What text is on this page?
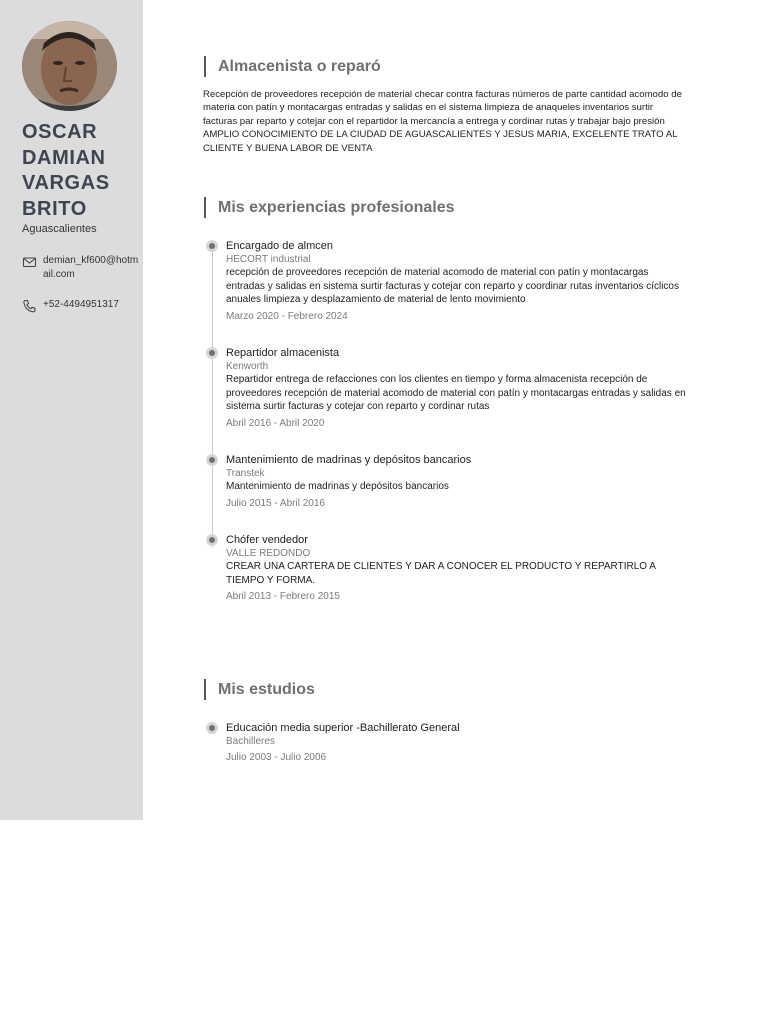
OSCAR
DAMIAN
VARGAS
BRITO
Aguascalientes
demian_kf600@hotmail.com
+52-4494951317
Almacenista o reparó

Recepción de proveedores recepción de material checar contra facturas números de parte cantidad acomodo de materia con patín y montacargas entradas y salidas en el sistema limpieza de anaqueles inventarios surtir facturas par reparto y cotejar con el repartidor la mercancía a entrega y cordinar rutas y trabajar bajo presión AMPLIO CONOCIMIENTO DE LA CIUDAD DE AGUASCALIENTES Y JESUS MARIA, EXCELENTE TRATO AL CLIENTE Y BUENA LABOR DE VENTA

Mis experiencias profesionales
Encargado de almcen
HECORT industrial
recepción de proveedores recepción de material acomodo de material con patín y montacargas entradas y salidas en sistema surtir facturas y cotejar con reparto y coordinar rutas inventarios cíclicos anuales limpieza y desplazamiento de material de lento movimiento
Marzo 2020 - Febrero 2024
Repartidor almacenista
Kenworth
Repartidor entrega de refacciones con los clientes en tiempo y forma almacenista recepción de proveedores recepción de material acomodo de material con patín y montacargas entradas y salidas en sistema surtir facturas y cotejar con reparto y cordinar rutas
Abril 2016 - Abril 2020
Mantenimiento de madrinas y depósitos bancarios
Transtek
Mantenimiento de madrinas y depósitos bancarios
Julio 2015 - Abril 2016
Chófer vendedor
VALLE REDONDO
CREAR UNA CARTERA DE CLIENTES Y DAR A CONOCER EL PRODUCTO Y REPARTIRLO A TIEMPO Y FORMA.
Abril 2013 - Febrero 2015
Mis estudios
Educación media superior -Bachillerato General
Bachilleres
Julio 2003 - Julio 2006
